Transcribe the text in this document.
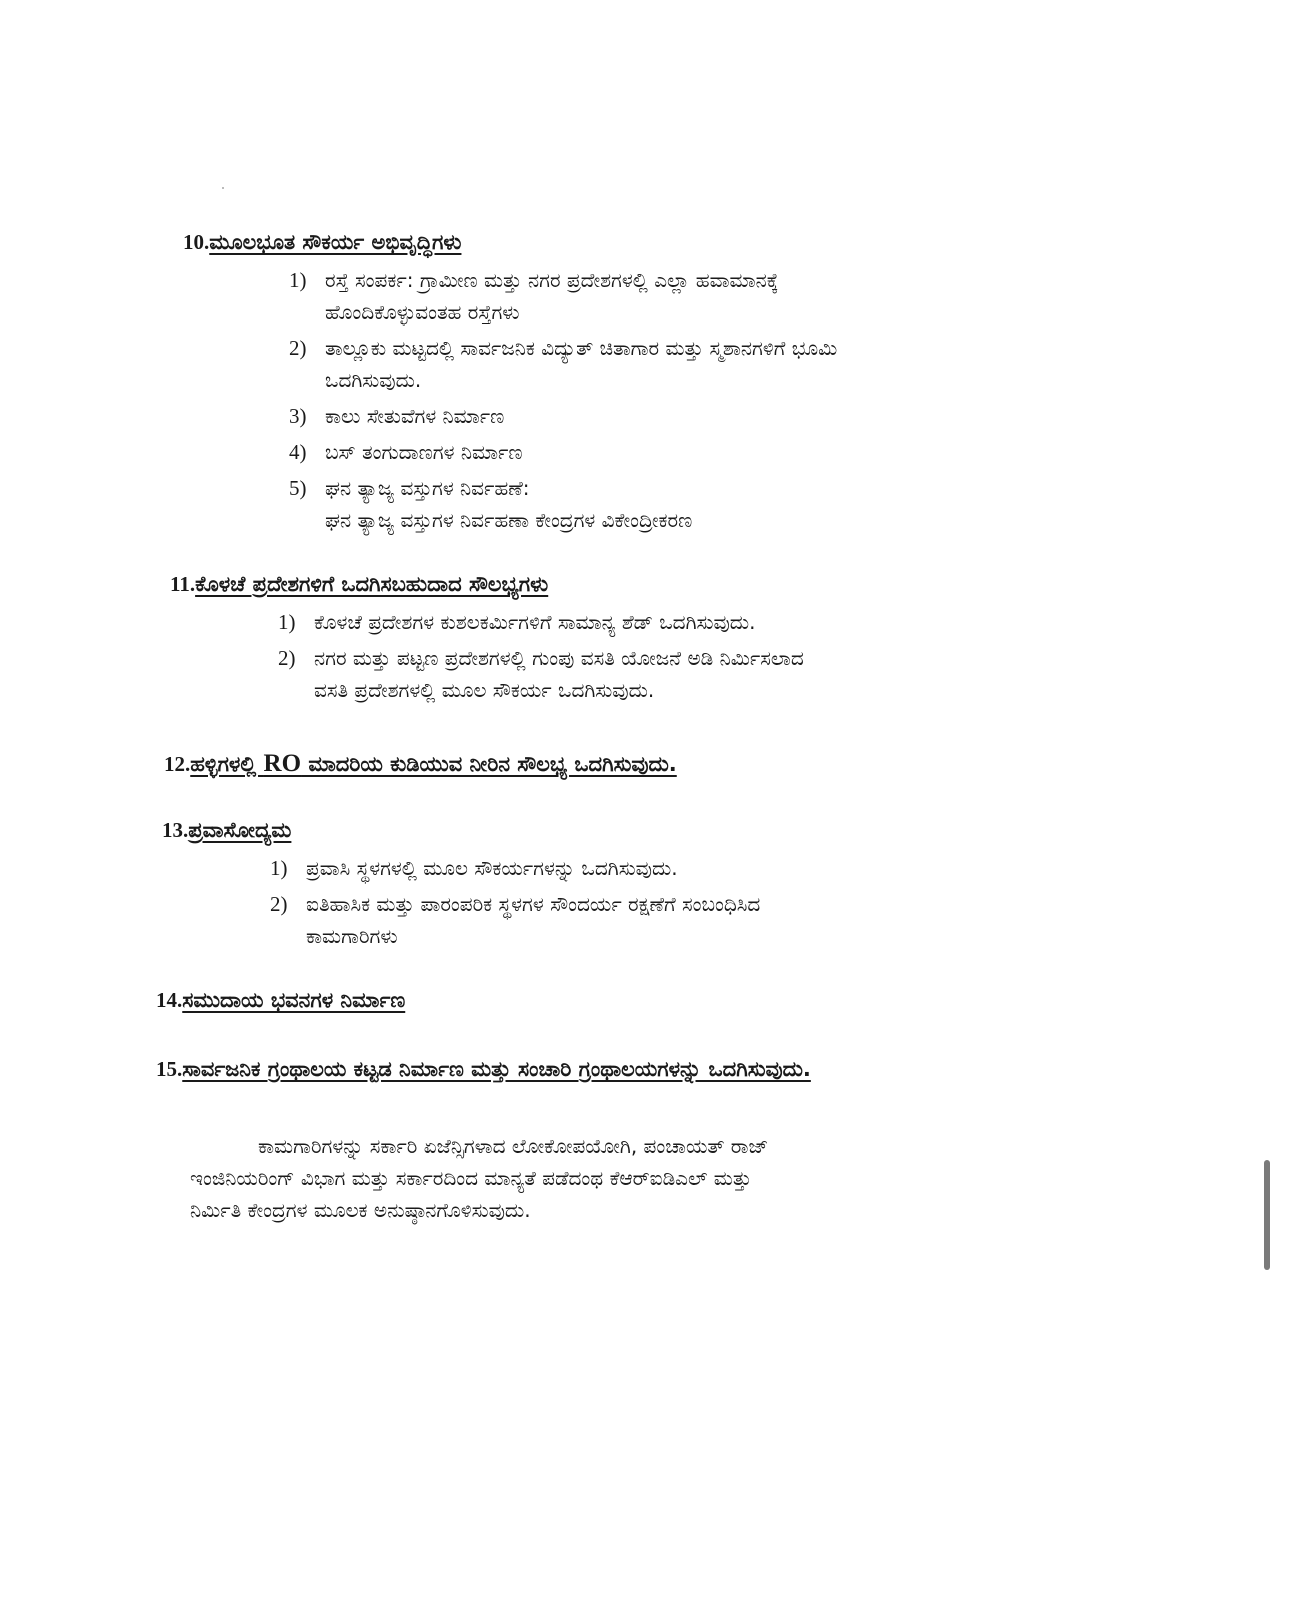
10.ಮೂಲಭೂತ ಸೌಕರ್ಯ ಅಭಿವೃದ್ಧಿಗಳು
1) ರಸ್ತೆ ಸಂಪರ್ಕ: ಗ್ರಾಮೀಣ ಮತ್ತು ನಗರ ಪ್ರದೇಶಗಳಲ್ಲಿ ಎಲ್ಲಾ ಹವಾಮಾನಕ್ಕೆ
ಹೊಂದಿಕೊಳ್ಳುವಂತಹ ರಸ್ತೆಗಳು
2) ತಾಲ್ಲೂಕು ಮಟ್ಟದಲ್ಲಿ ಸಾರ್ವಜನಿಕ ವಿದ್ಯುತ್ ಚಿತಾಗಾರ ಮತ್ತು ಸ್ಮಶಾನಗಳಿಗೆ ಭೂಮಿ
ಒದಗಿಸುವುದು.
3) ಕಾಲು ಸೇತುವೆಗಳ ನಿರ್ಮಾಣ
4) ಬಸ್ ತಂಗುದಾಣಗಳ ನಿರ್ಮಾಣ
5) ಘನ ತ್ಯಾಜ್ಯ ವಸ್ತುಗಳ ನಿರ್ವಹಣೆ:
ಘನ ತ್ಯಾಜ್ಯ ವಸ್ತುಗಳ ನಿರ್ವಹಣಾ ಕೇಂದ್ರಗಳ ವಿಕೇಂದ್ರೀಕರಣ
11.ಕೊಳಚೆ ಪ್ರದೇಶಗಳಿಗೆ ಒದಗಿಸಬಹುದಾದ ಸೌಲಭ್ಯಗಳು
1) ಕೊಳಚೆ ಪ್ರದೇಶಗಳ ಕುಶಲಕರ್ಮಿಗಳಿಗೆ ಸಾಮಾನ್ಯ ಶೆಡ್ ಒದಗಿಸುವುದು.
2) ನಗರ ಮತ್ತು ಪಟ್ಟಣ ಪ್ರದೇಶಗಳಲ್ಲಿ ಗುಂಪು ವಸತಿ ಯೋಜನೆ ಅಡಿ ನಿರ್ಮಿಸಲಾದ
ವಸತಿ ಪ್ರದೇಶಗಳಲ್ಲಿ ಮೂಲ ಸೌಕರ್ಯ ಒದಗಿಸುವುದು.
12.ಹಳ್ಳಿಗಳಲ್ಲಿ RO ಮಾದರಿಯ ಕುಡಿಯುವ ನೀರಿನ ಸೌಲಭ್ಯ ಒದಗಿಸುವುದು.
13.ಪ್ರವಾಸೋದ್ಯಮ
1) ಪ್ರವಾಸಿ ಸ್ಥಳಗಳಲ್ಲಿ ಮೂಲ ಸೌಕರ್ಯಗಳನ್ನು ಒದಗಿಸುವುದು.
2) ಐತಿಹಾಸಿಕ ಮತ್ತು ಪಾರಂಪರಿಕ ಸ್ಥಳಗಳ ಸೌಂದರ್ಯ ರಕ್ಷಣೆಗೆ ಸಂಬಂಧಿಸಿದ
ಕಾಮಗಾರಿಗಳು
14.ಸಮುದಾಯ ಭವನಗಳ ನಿರ್ಮಾಣ
15.ಸಾರ್ವಜನಿಕ ಗ್ರಂಥಾಲಯ ಕಟ್ಟಡ ನಿರ್ಮಾಣ ಮತ್ತು ಸಂಚಾರಿ ಗ್ರಂಥಾಲಯಗಳನ್ನು ಒದಗಿಸುವುದು.
ಕಾಮಗಾರಿಗಳನ್ನು ಸರ್ಕಾರಿ ಏಜೆನ್ಸಿಗಳಾದ ಲೋಕೋಪಯೋಗಿ, ಪಂಚಾಯತ್ ರಾಜ್
ಇಂಜಿನಿಯರಿಂಗ್ ವಿಭಾಗ ಮತ್ತು ಸರ್ಕಾರದಿಂದ ಮಾನ್ಯತೆ ಪಡೆದಂಥ ಕೆಆರ್‌ಐಡಿಎಲ್ ಮತ್ತು
ನಿರ್ಮಿತಿ ಕೇಂದ್ರಗಳ ಮೂಲಕ ಅನುಷ್ಠಾನಗೊಳಿಸುವುದು.
